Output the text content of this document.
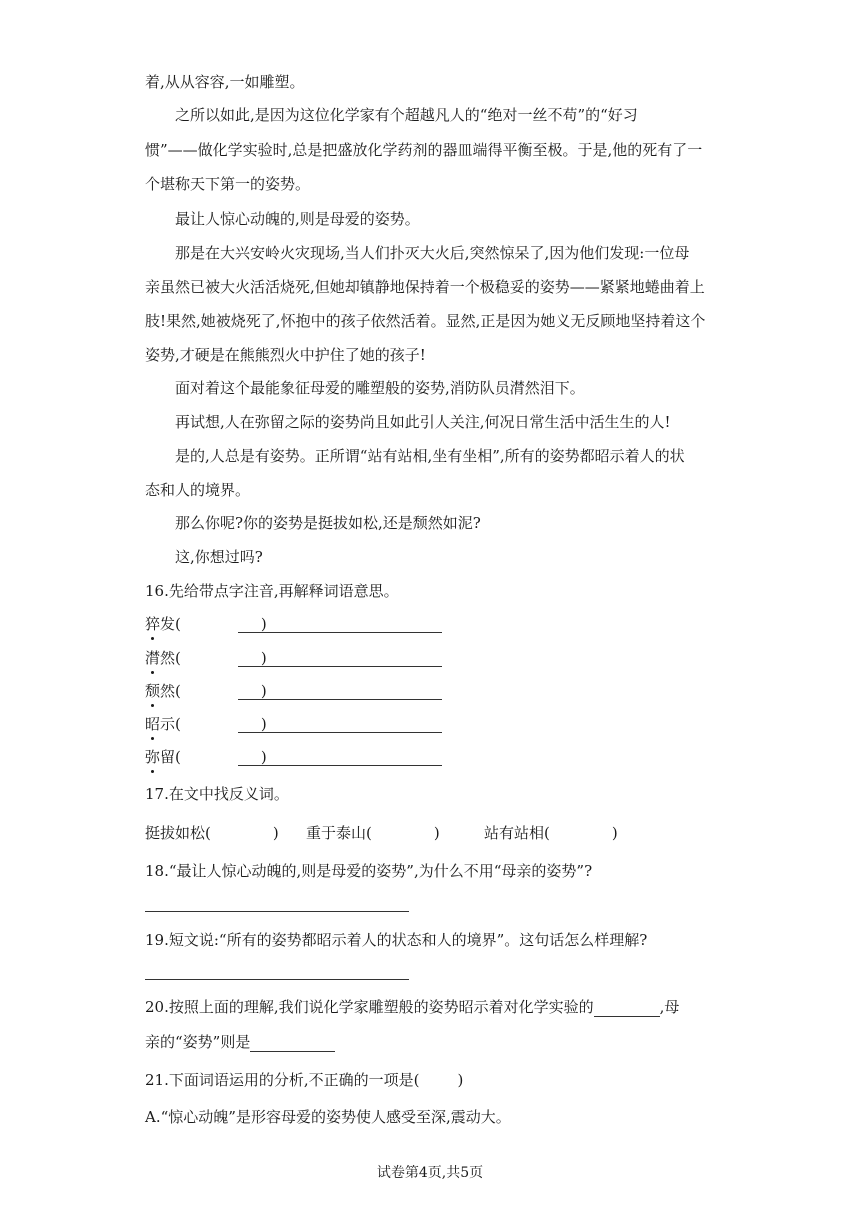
着,从从容容,一如雕塑。
之所以如此,是因为这位化学家有个超越凡人的“绝对一丝不苟”的“好习
惯”——做化学实验时,总是把盛放化学药剂的器皿端得平衡至极。于是,他的死有了一
个堪称天下第一的姿势。
最让人惊心动魄的,则是母爱的姿势。
那是在大兴安岭火灾现场,当人们扑灭大火后,突然惊呆了,因为他们发现:一位母
亲虽然已被大火活活烧死,但她却镇静地保持着一个极稳妥的姿势——紧紧地蜷曲着上
肢!果然,她被烧死了,怀抱中的孩子依然活着。显然,正是因为她义无反顾地坚持着这个
姿势,才硬是在熊熊烈火中护住了她的孩子!
面对着这个最能象征母爱的雕塑般的姿势,消防队员潸然泪下。
再试想,人在弥留之际的姿势尚且如此引人关注,何况日常生活中活生生的人!
是的,人总是有姿势。正所谓“站有站相,坐有坐相”,所有的姿势都昭示着人的状
态和人的境界。
那么你呢?你的姿势是挺拔如松,还是颓然如泥?
这,你想过吗?
16.先给带点字注音,再解释词语意思。
猝发(	)
潸然(	)
颓然(	)
昭示(	)
弥留(	)
17.在文中找反义词。
挺拔如松(	) 重于泰山(	)	站有站相(	)
18.“最让人惊心动魄的,则是母爱的姿势”,为什么不用“母亲的姿势”?
19.短文说:“所有的姿势都昭示着人的状态和人的境界”。这句话怎么样理解?
20.按照上面的理解,我们说化学家雕塑般的姿势昭示着对化学实验的	,母
亲的“姿势”则是
21.下面词语运用的分析,不正确的一项是(	)
A.“惊心动魄”是形容母爱的姿势使人感受至深,震动大。
试卷第4页,共5页
